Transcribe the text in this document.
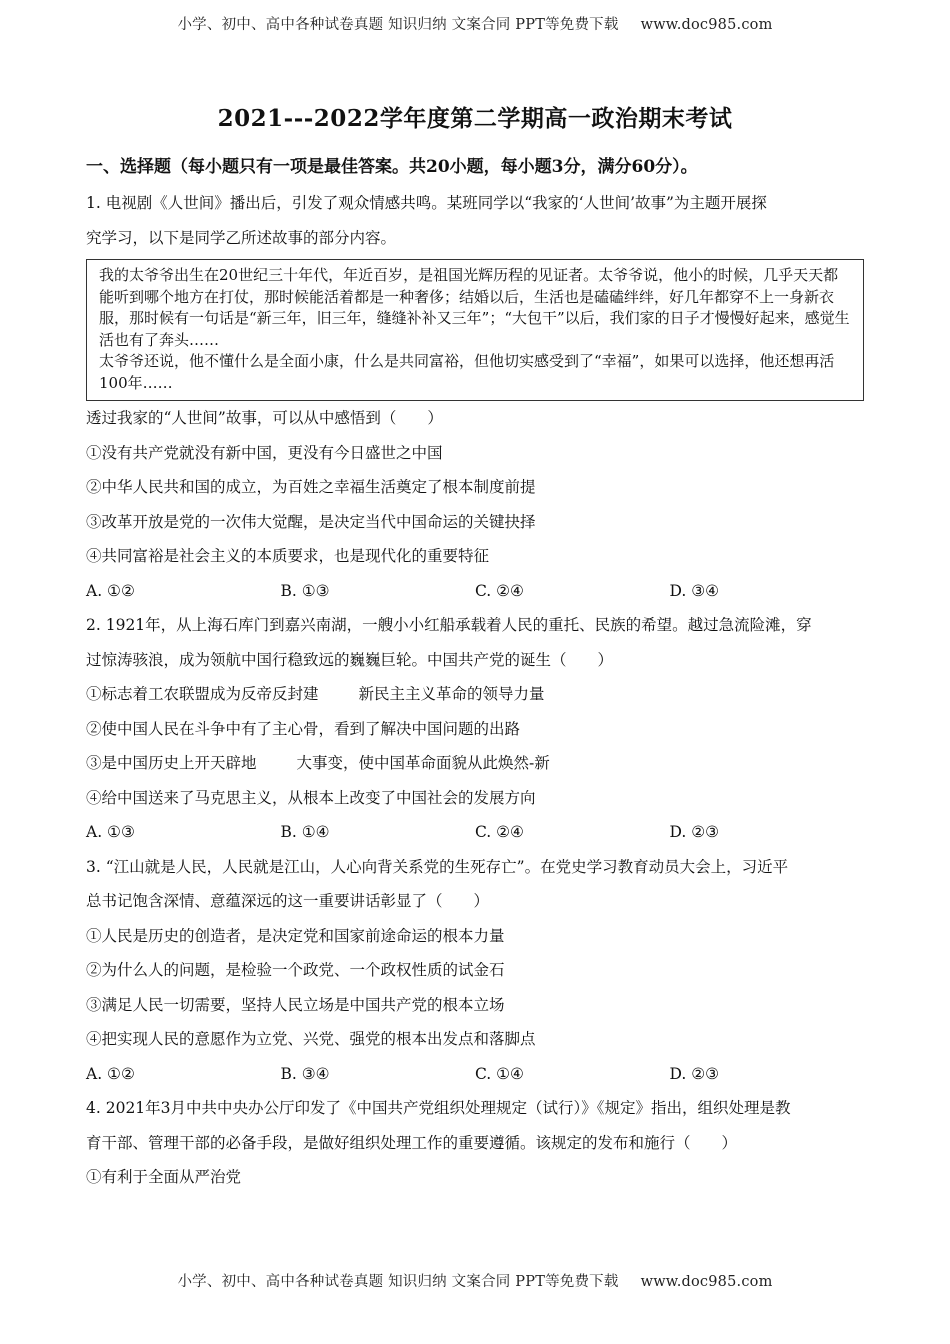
小学、初中、高中各种试卷真题 知识归纳 文案合同 PPT等免费下载 www.doc985.com
2021---2022学年度第二学期高一政治期末考试
一、选择题（每小题只有一项是最佳答案。共20小题，每小题3分，满分60分）。

1. 电视剧《人世间》播出后，引发了观众情感共鸣。某班同学以“我家的‘人世间’故事”为主题开展探

究学习，以下是同学乙所述故事的部分内容。

我的太爷爷出生在20世纪三十年代，年近百岁，是祖国光辉历程的见证者。太爷爷说，他小的时候，几乎天天都能听到哪个地方在打仗，那时候能活着都是一种奢侈；结婚以后，生活也是磕磕绊绊，好几年都穿不上一身新衣服，那时候有一句话是“新三年，旧三年，缝缝补补又三年”；“大包干”以后，我们家的日子才慢慢好起来，感觉生活也有了奔头……
太爷爷还说，他不懂什么是全面小康，什么是共同富裕，但他切实感受到了“幸福”，如果可以选择，他还想再活100年……

透过我家的“人世间”故事，可以从中感悟到（　　）

①没有共产党就没有新中国，更没有今日盛世之中国

②中华人民共和国的成立，为百姓之幸福生活奠定了根本制度前提

③改革开放是党的一次伟大觉醒，是决定当代中国命运的关键抉择

④共同富裕是社会主义的本质要求，也是现代化的重要特征

A. ①②	B. ①③	C. ②④	D. ③④

2. 1921年，从上海石库门到嘉兴南湖，一艘小小红船承载着人民的重托、民族的希望。越过急流险滩，穿

过惊涛骇浪，成为领航中国行稳致远的巍巍巨轮。中国共产党的诞生（　　）

①标志着工农联盟成为反帝反封建	新民主主义革命的领导力量

②使中国人民在斗争中有了主心骨，看到了解决中国问题的出路

③是中国历史上开天辟地	大事变，使中国革命面貌从此焕然-新

④给中国送来了马克思主义，从根本上改变了中国社会的发展方向

A. ①③	B. ①④	C. ②④	D. ②③

3. “江山就是人民，人民就是江山，人心向背关系党的生死存亡”。在党史学习教育动员大会上，习近平

总书记饱含深情、意蕴深远的这一重要讲话彰显了（　　）

①人民是历史的创造者，是决定党和国家前途命运的根本力量

②为什么人的问题，是检验一个政党、一个政权性质的试金石

③满足人民一切需要，坚持人民立场是中国共产党的根本立场

④把实现人民的意愿作为立党、兴党、强党的根本出发点和落脚点

A. ①②	B. ③④	C. ①④	D. ②③

4. 2021年3月中共中央办公厅印发了《中国共产党组织处理规定（试行）》《规定》指出，组织处理是教

育干部、管理干部的必备手段，是做好组织处理工作的重要遵循。该规定的发布和施行（　　）

①有利于全面从严治党

小学、初中、高中各种试卷真题 知识归纳 文案合同 PPT等免费下载 www.doc985.com
